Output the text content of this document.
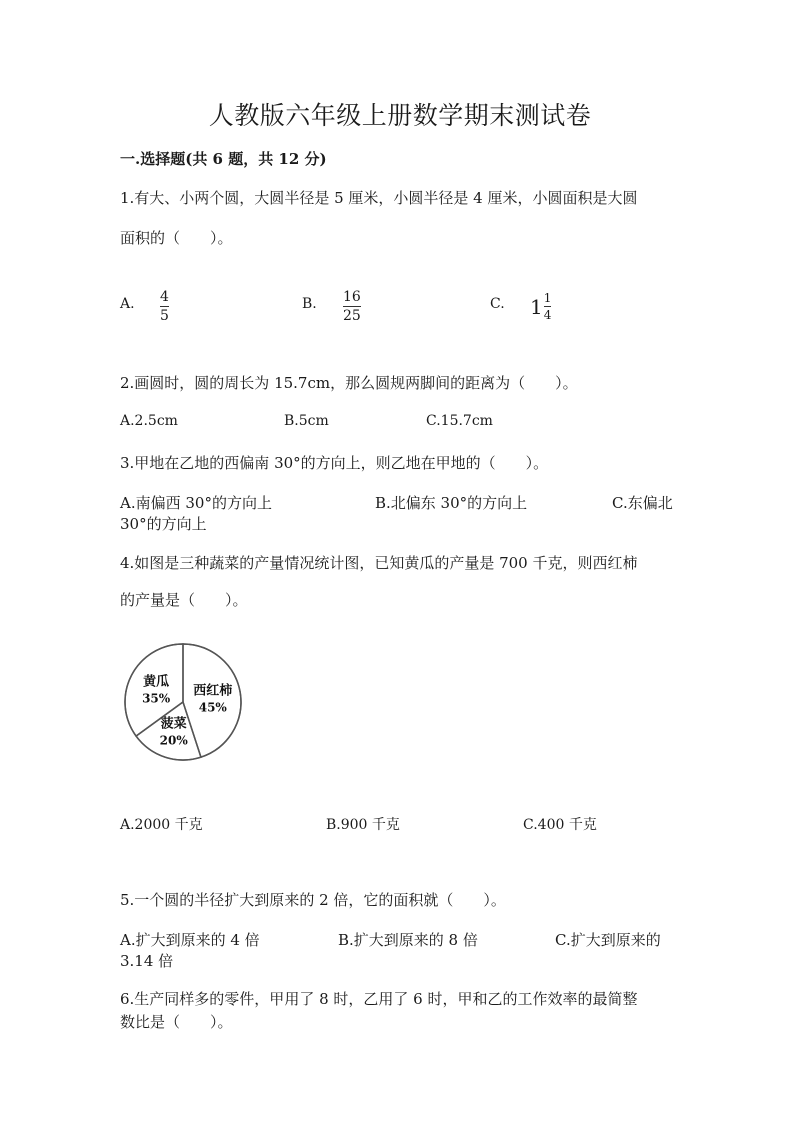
人教版六年级上册数学期末测试卷
一.选择题(共 6 题，共 12 分)
1.有大、小两个圆，大圆半径是 5 厘米，小圆半径是 4 厘米，小圆面积是大圆
面积的（　　）。
A. $\frac{4}{5}$	B. $\frac{16}{25}$	C. $1 \frac{1}{4}$
2.画圆时，圆的周长为 15.7cm，那么圆规两脚间的距离为（　　）。
A.2.5cm	B.5cm	C.15.7cm
3.甲地在乙地的西偏南 30°的方向上，则乙地在甲地的（　　）。
A.南偏西 30°的方向上	B.北偏东 30°的方向上	C.东偏北
30°的方向上
4.如图是三种蔬菜的产量情况统计图，已知黄瓜的产量是 700 千克，则西红柿
的产量是（　　）。
西红柿
45%
菠菜
20%
黄瓜
35%
A.2000 千克	B.900 千克	C.400 千克
5.一个圆的半径扩大到原来的 2 倍，它的面积就（　　）。
A.扩大到原来的 4 倍	B.扩大到原来的 8 倍	C.扩大到原来的
3.14 倍
6.生产同样多的零件，甲用了 8 时，乙用了 6 时，甲和乙的工作效率的最简整
数比是（　　）。
